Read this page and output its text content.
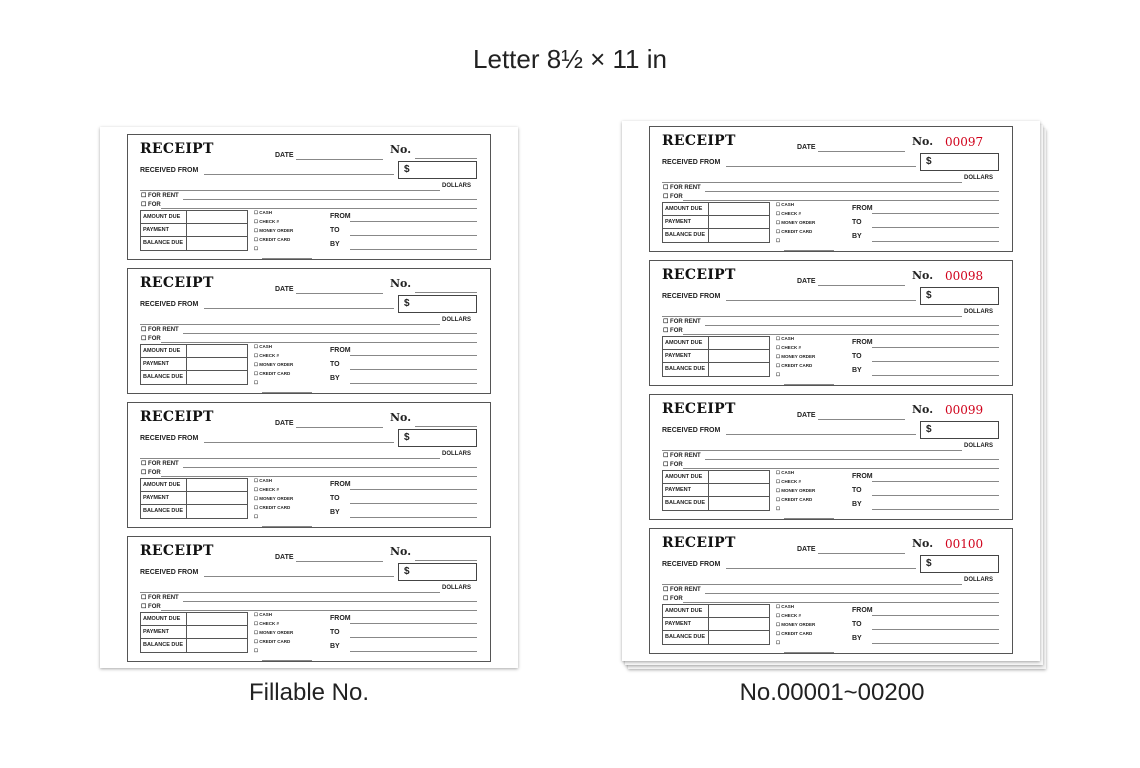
Letter 8½ × 11 in
RECEIPT	DATE	No.
RECEIVED FROM	$
DOLLARS
☐ FOR RENT
☐ FOR
AMOUNT DUE
PAYMENT
BALANCE DUE
☐ CASH
☐ CHECK #
☐ MONEY ORDER
☐ CREDIT CARD
☐
FROM
TO
BY
RECEIPT	DATE	No.
RECEIVED FROM	$
DOLLARS
☐ FOR RENT
☐ FOR
AMOUNT DUE
PAYMENT
BALANCE DUE
☐ CASH
☐ CHECK #
☐ MONEY ORDER
☐ CREDIT CARD
☐
FROM
TO
BY
RECEIPT	DATE	No.
RECEIVED FROM	$
DOLLARS
☐ FOR RENT
☐ FOR
AMOUNT DUE
PAYMENT
BALANCE DUE
☐ CASH
☐ CHECK #
☐ MONEY ORDER
☐ CREDIT CARD
☐
FROM
TO
BY
RECEIPT	DATE	No.
RECEIVED FROM	$
DOLLARS
☐ FOR RENT
☐ FOR
AMOUNT DUE
PAYMENT
BALANCE DUE
☐ CASH
☐ CHECK #
☐ MONEY ORDER
☐ CREDIT CARD
☐
FROM
TO
BY
RECEIPT	DATE	No.
RECEIVED FROM	$
DOLLARS
☐ FOR RENT
☐ FOR
AMOUNT DUE
PAYMENT
BALANCE DUE
☐ CASH
☐ CHECK #
☐ MONEY ORDER
☐ CREDIT CARD
☐
FROM
TO
BY
00097
RECEIPT	DATE	No.
RECEIVED FROM	$
DOLLARS
☐ FOR RENT
☐ FOR
AMOUNT DUE
PAYMENT
BALANCE DUE
☐ CASH
☐ CHECK #
☐ MONEY ORDER
☐ CREDIT CARD
☐
FROM
TO
BY
00098
RECEIPT	DATE	No.
RECEIVED FROM	$
DOLLARS
☐ FOR RENT
☐ FOR
AMOUNT DUE
PAYMENT
BALANCE DUE
☐ CASH
☐ CHECK #
☐ MONEY ORDER
☐ CREDIT CARD
☐
FROM
TO
BY
00099
RECEIPT	DATE	No.
RECEIVED FROM	$
DOLLARS
☐ FOR RENT
☐ FOR
AMOUNT DUE
PAYMENT
BALANCE DUE
☐ CASH
☐ CHECK #
☐ MONEY ORDER
☐ CREDIT CARD
☐
FROM
TO
BY
00100
Fillable No.	No.00001~00200
